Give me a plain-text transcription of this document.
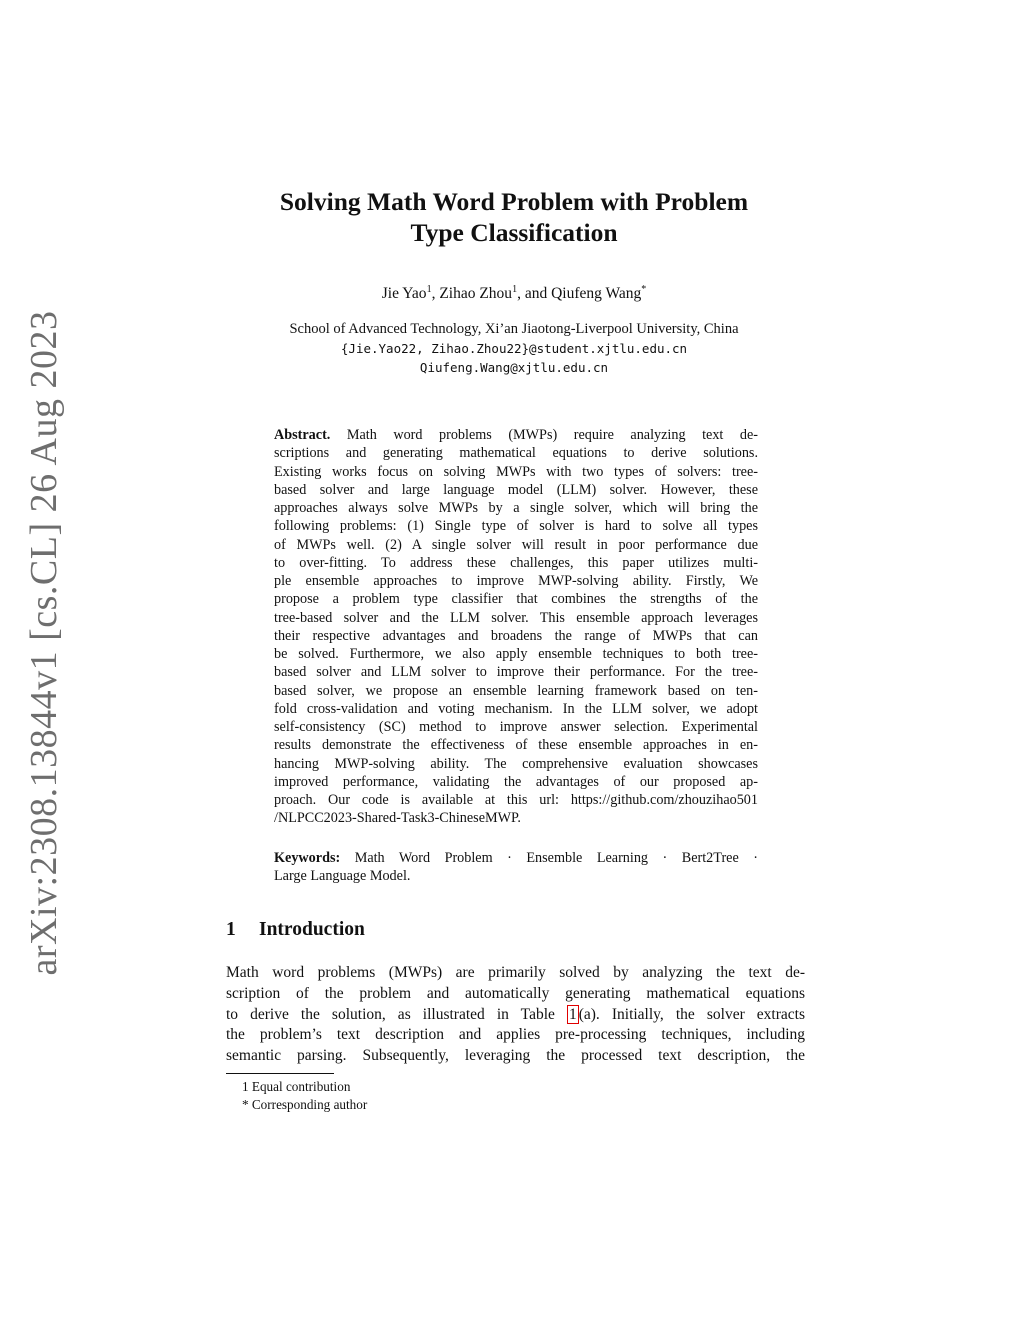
arXiv:2308.13844v1 [cs.CL] 26 Aug 2023
Solving Math Word Problem with Problem
Type Classification
Jie Yao$^1$, Zihao Zhou$^1$, and Qiufeng Wang*
School of Advanced Technology, Xi’an Jiaotong-Liverpool University, China
{Jie.Yao22, Zihao.Zhou22}@student.xjtlu.edu.cn
Qiufeng.Wang@xjtlu.edu.cn
Abstract. Math word problems (MWPs) require analyzing text de-
scriptions and generating mathematical equations to derive solutions.
Existing works focus on solving MWPs with two types of solvers: tree-
based solver and large language model (LLM) solver. However, these
approaches always solve MWPs by a single solver, which will bring the
following problems: (1) Single type of solver is hard to solve all types
of MWPs well. (2) A single solver will result in poor performance due
to over-fitting. To address these challenges, this paper utilizes multi-
ple ensemble approaches to improve MWP-solving ability. Firstly, We
propose a problem type classifier that combines the strengths of the
tree-based solver and the LLM solver. This ensemble approach leverages
their respective advantages and broadens the range of MWPs that can
be solved. Furthermore, we also apply ensemble techniques to both tree-
based solver and LLM solver to improve their performance. For the tree-
based solver, we propose an ensemble learning framework based on ten-
fold cross-validation and voting mechanism. In the LLM solver, we adopt
self-consistency (SC) method to improve answer selection. Experimental
results demonstrate the effectiveness of these ensemble approaches in en-
hancing MWP-solving ability. The comprehensive evaluation showcases
improved performance, validating the advantages of our proposed ap-
proach. Our code is available at this url: https://github.com/zhouzihao501
/NLPCC2023-Shared-Task3-ChineseMWP.
Keywords: Math Word Problem · Ensemble Learning · Bert2Tree ·
Large Language Model.
1 Introduction
Math word problems (MWPs) are primarily solved by analyzing the text de-
scription of the problem and automatically generating mathematical equations
to derive the solution, as illustrated in Table 1 (a). Initially, the solver extracts
the problem’s text description and applies pre-processing techniques, including
semantic parsing. Subsequently, leveraging the processed text description, the
1 Equal contribution
* Corresponding author
